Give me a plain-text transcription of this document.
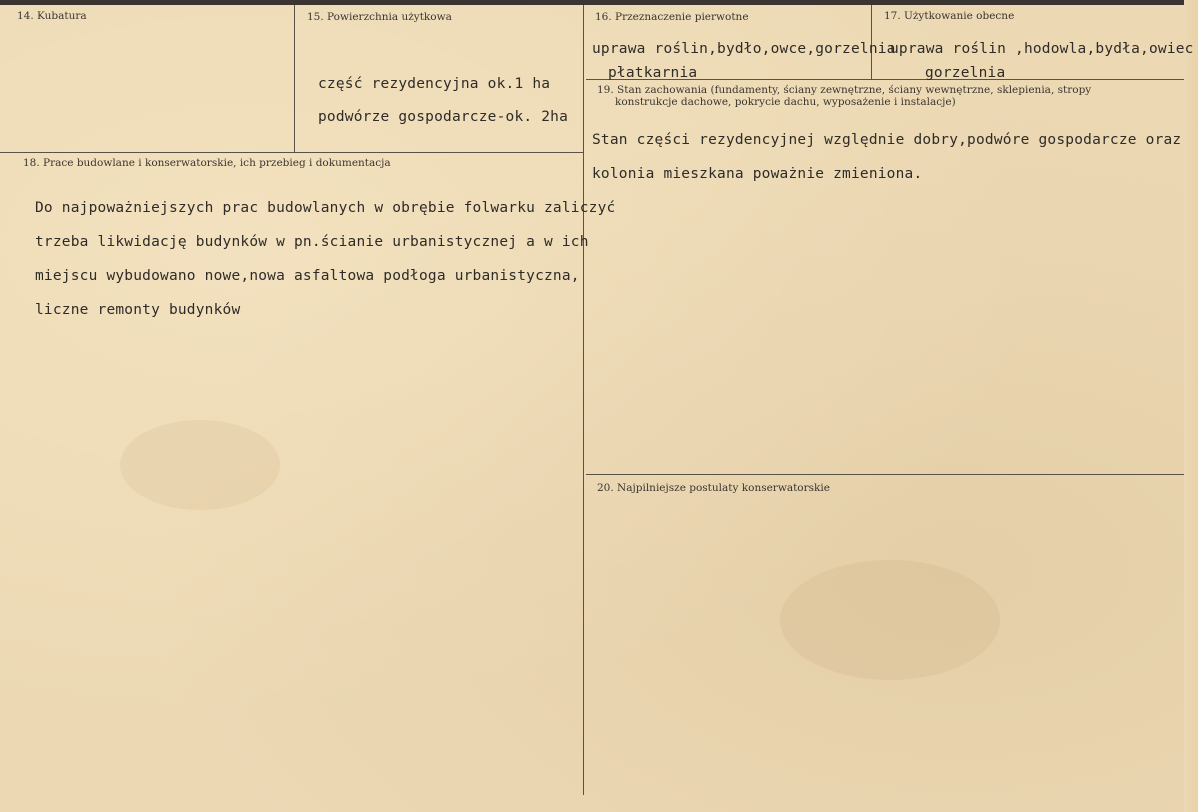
14. Kubatura	15. Powierzchnia użytkowa
część rezydencyjna ok.1 ha
podwórze gospodarcze-ok. 2ha
16. Przeznaczenie pierwotne
uprawa roślin,bydło,owce,gorzelnia
płatkarnia
17. Użytkowanie obecne
uprawa roślin ,hodowla,bydła,owiec
gorzelnia
18. Prace budowlane i konserwatorskie, ich przebieg i dokumentacja
Do najpoważniejszych prac budowlanych w obrębie folwarku zaliczyć
trzeba likwidację budynków w pn.ścianie urbanistycznej a w ich
miejscu wybudowano nowe,nowa asfaltowa podłoga urbanistyczna,
liczne remonty budynków
19. Stan zachowania (fundamenty, ściany zewnętrzne, ściany wewnętrzne, sklepienia, stropy
konstrukcje dachowe, pokrycie dachu, wyposażenie i instalacje)
Stan części rezydencyjnej względnie dobry,podwóre gospodarcze oraz
kolonia mieszkana poważnie zmieniona.
20. Najpilniejsze postulaty konserwatorskie
